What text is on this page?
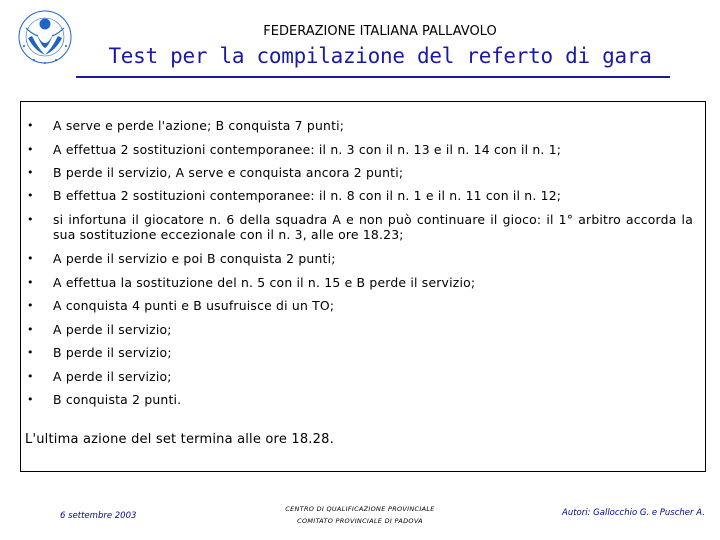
FEDERAZIONE ITALIANA PALLAVOLO
Test per la compilazione del referto di gara
• A serve e perde l'azione; B conquista 7 punti;
• A effettua 2 sostituzioni contemporanee: il n. 3 con il n. 13 e il n. 14 con il n. 1;
• B perde il servizio, A serve e conquista ancora 2 punti;
• B effettua 2 sostituzioni contemporanee: il n. 8 con il n. 1 e il n. 11 con il n. 12;
• si infortuna il giocatore n. 6 della squadra A e non può continuare il gioco: il 1° arbitro accorda la sua sostituzione eccezionale con il n. 3, alle ore 18.23;
• A perde il servizio e poi B conquista 2 punti;
• A effettua la sostituzione del n. 5 con il n. 15 e B perde il servizio;
• A conquista 4 punti e B usufruisce di un TO;
• A perde il servizio;
• B perde il servizio;
• A perde il servizio;
• B conquista 2 punti.
L'ultima azione del set termina alle ore 18.28.
6 settembre 2003
CENTRO DI QUALIFICAZIONE PROVINCIALE
COMITATO PROVINCIALE DI PADOVA
Autori: Gallocchio G. e Puscher A.
